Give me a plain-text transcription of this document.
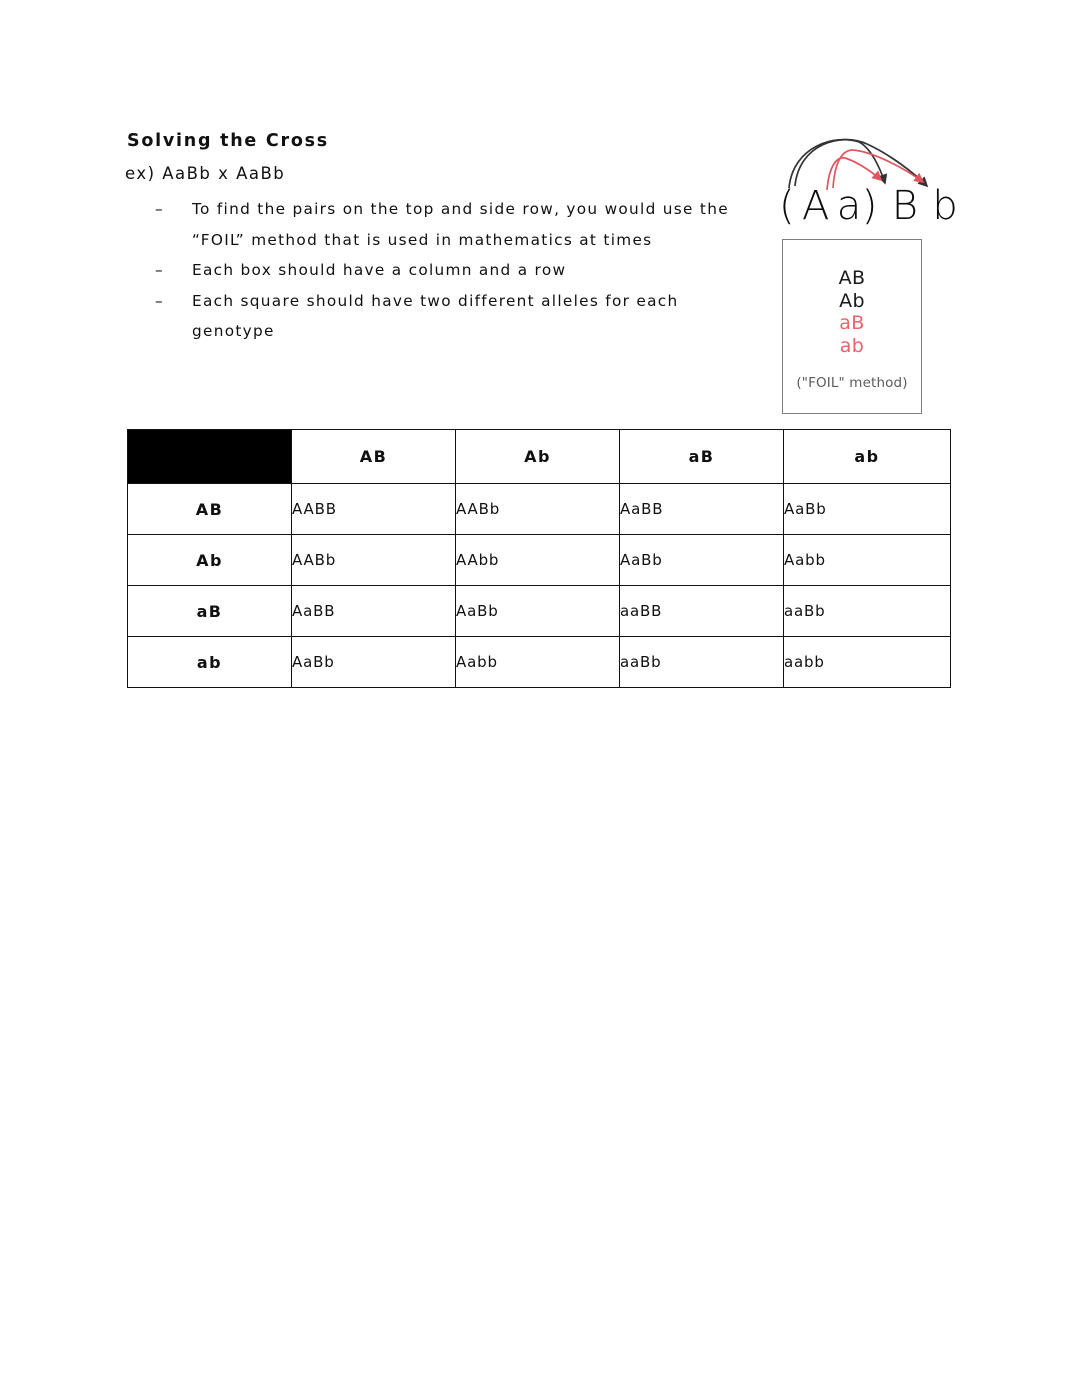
Solving the Cross
ex) AaBb x AaBb
– To find the pairs on the top and side row, you would use the “FOIL” method that is used in mathematics at times
– Each box should have a column and a row
– Each square should have two different alleles for each genotype
( A a) B b
AB
Ab
aB
ab
("FOIL" method)
	AB	Ab	aB	ab
AB	AABB	AABb	AaBB	AaBb
Ab	AABb	AAbb	AaBb	Aabb
aB	AaBB	AaBb	aaBB	aaBb
ab	AaBb	Aabb	aaBb	aabb
